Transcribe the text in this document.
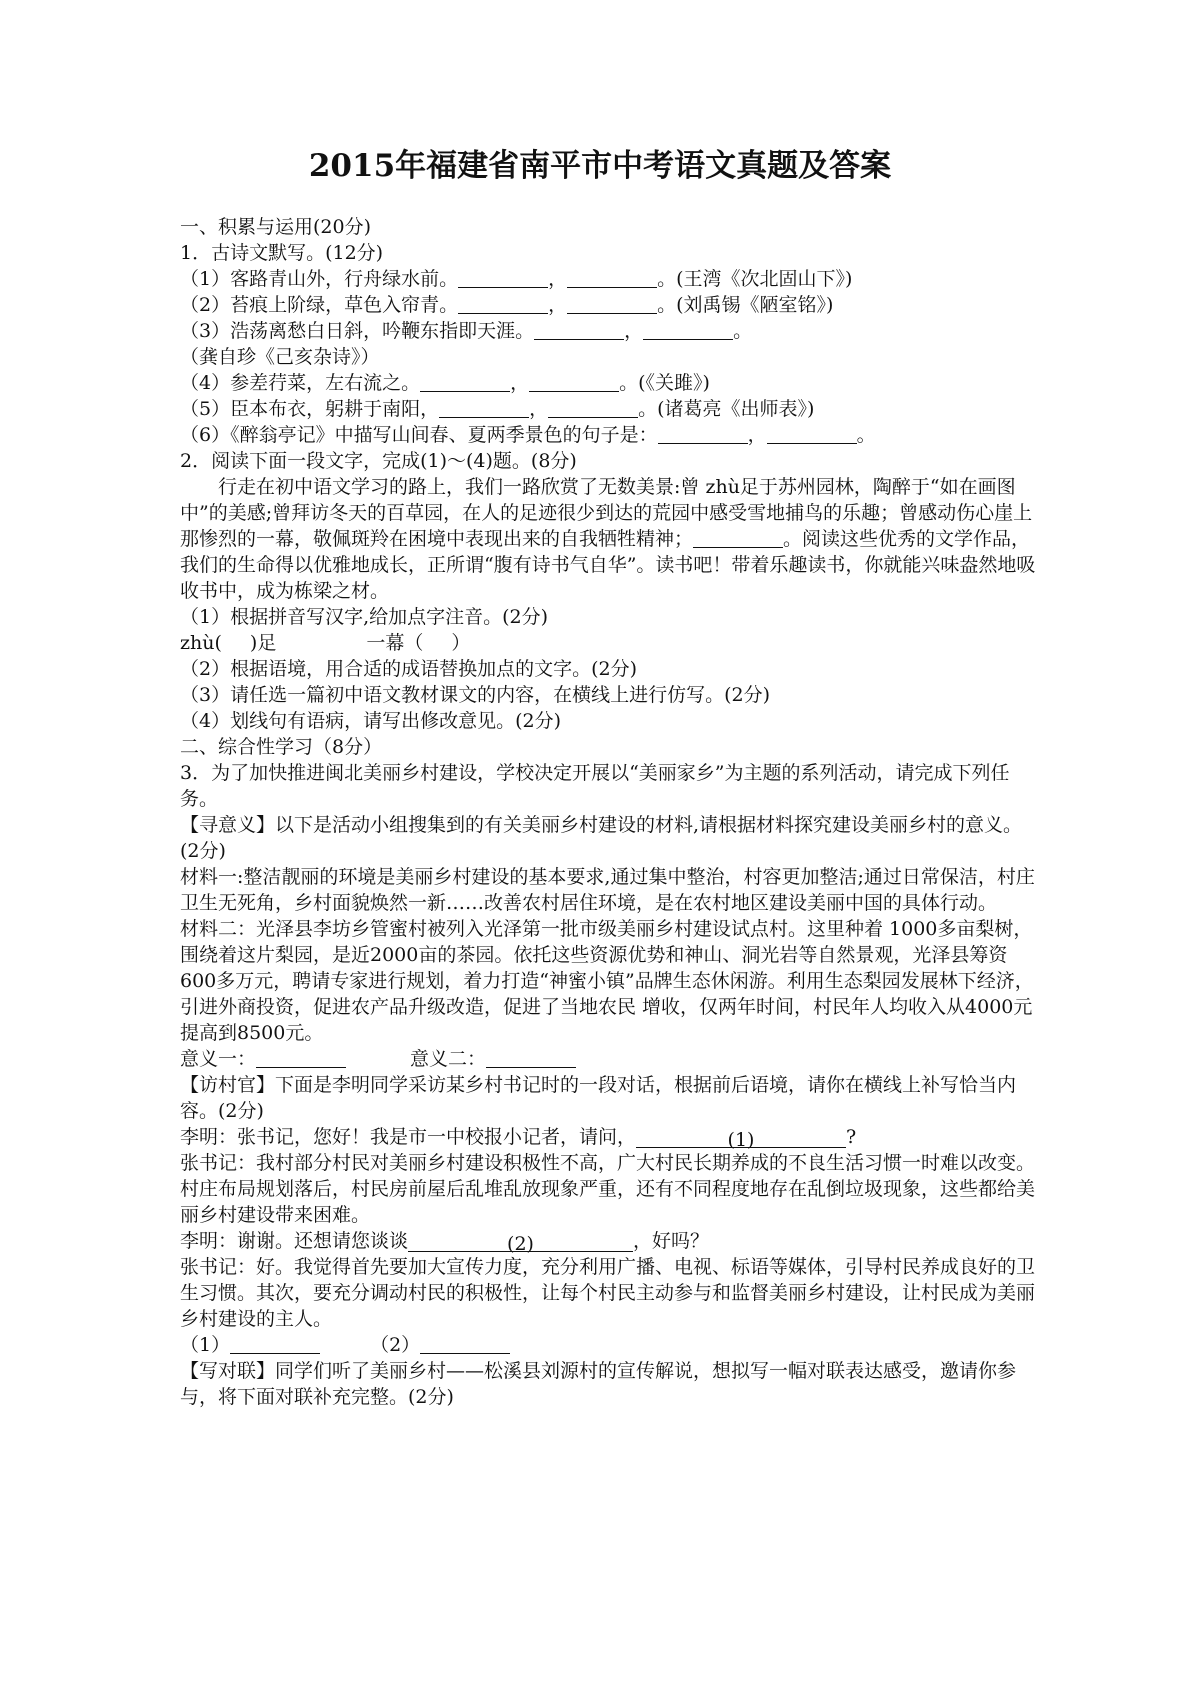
2015年福建省南平市中考语文真题及答案
一、积累与运用(20分)
1．古诗文默写。(12分)
（1）客路青山外，行舟绿水前。	，	。(王湾《次北固山下》)
（2）苔痕上阶绿，草色入帘青。	，	。(刘禹锡《陋室铭》)
（3）浩荡离愁白日斜，吟鞭东指即天涯。	，	。
（龚自珍《己亥杂诗》）
（4）参差荇菜，左右流之。	，	。(《关雎》)
（5）臣本布衣，躬耕于南阳，	，	。(诸葛亮《出师表》)
（6）《醉翁亭记》中描写山间春、夏两季景色的句子是：	，	。
2．阅读下面一段文字，完成(1)～(4)题。(8分)
行走在初中语文学习的路上，我们一路欣赏了无数美景:曾 zhù足于苏州园林，陶醉于“如在画图中”的美感;曾拜访冬天的百草园，在人的足迹很少到达的荒园中感受雪地捕鸟的乐趣；曾感动伤心崖上那惨烈的一幕，敬佩斑羚在困境中表现出来的自我牺牲精神；	。阅读这些优秀的文学作品，我们的生命得以优雅地成长，正所谓“腹有诗书气自华”。读书吧！带着乐趣读书，你就能兴味盎然地吸收书中，成为栋梁之材。
（1）根据拼音写汉字,给加点字注音。(2分)
zhù( )足	一幕（ ）
（2）根据语境，用合适的成语替换加点的文字。(2分)
（3）请任选一篇初中语文教材课文的内容，在横线上进行仿写。(2分)
（4）划线句有语病，请写出修改意见。(2分)
二、综合性学习（8分）
3．为了加快推进闽北美丽乡村建设，学校决定开展以“美丽家乡”为主题的系列活动，请完成下列任务。
【寻意义】以下是活动小组搜集到的有关美丽乡村建设的材料,请根据材料探究建设美丽乡村的意义。(2分)
材料一:整洁靓丽的环境是美丽乡村建设的基本要求,通过集中整治，村容更加整洁;通过日常保洁，村庄卫生无死角，乡村面貌焕然一新……改善农村居住环境，是在农村地区建设美丽中国的具体行动。
材料二：光泽县李坊乡管蜜村被列入光泽第一批市级美丽乡村建设试点村。这里种着 1000多亩梨树，围绕着这片梨园，是近2000亩的茶园。依托这些资源优势和神山、洞光岩等自然景观，光泽县筹资600多万元，聘请专家进行规划，着力打造“神蜜小镇”品牌生态休闲游。利用生态梨园发展林下经济，引进外商投资，促进农产品升级改造，促进了当地农民 增收，仅两年时间，村民年人均收入从4000元提高到8500元。
意义一：	意义二：
【访村官】下面是李明同学采访某乡村书记时的一段对话，根据前后语境，请你在横线上补写恰当内容。(2分)
李明：张书记，您好！我是市一中校报小记者，请问，	(1)	?
张书记：我村部分村民对美丽乡村建设积极性不高，广大村民长期养成的不良生活习惯一时难以改变。村庄布局规划落后，村民房前屋后乱堆乱放现象严重，还有不同程度地存在乱倒垃圾现象，这些都给美丽乡村建设带来困难。
李明：谢谢。还想请您谈谈	(2)	，好吗？
张书记：好。我觉得首先要加大宣传力度，充分利用广播、电视、标语等媒体，引导村民养成良好的卫生习惯。其次，要充分调动村民的积极性，让每个村民主动参与和监督美丽乡村建设，让村民成为美丽乡村建设的主人。
（1）	（2）
【写对联】同学们听了美丽乡村——松溪县刘源村的宣传解说，想拟写一幅对联表达感受，邀请你参与，将下面对联补充完整。(2分)
